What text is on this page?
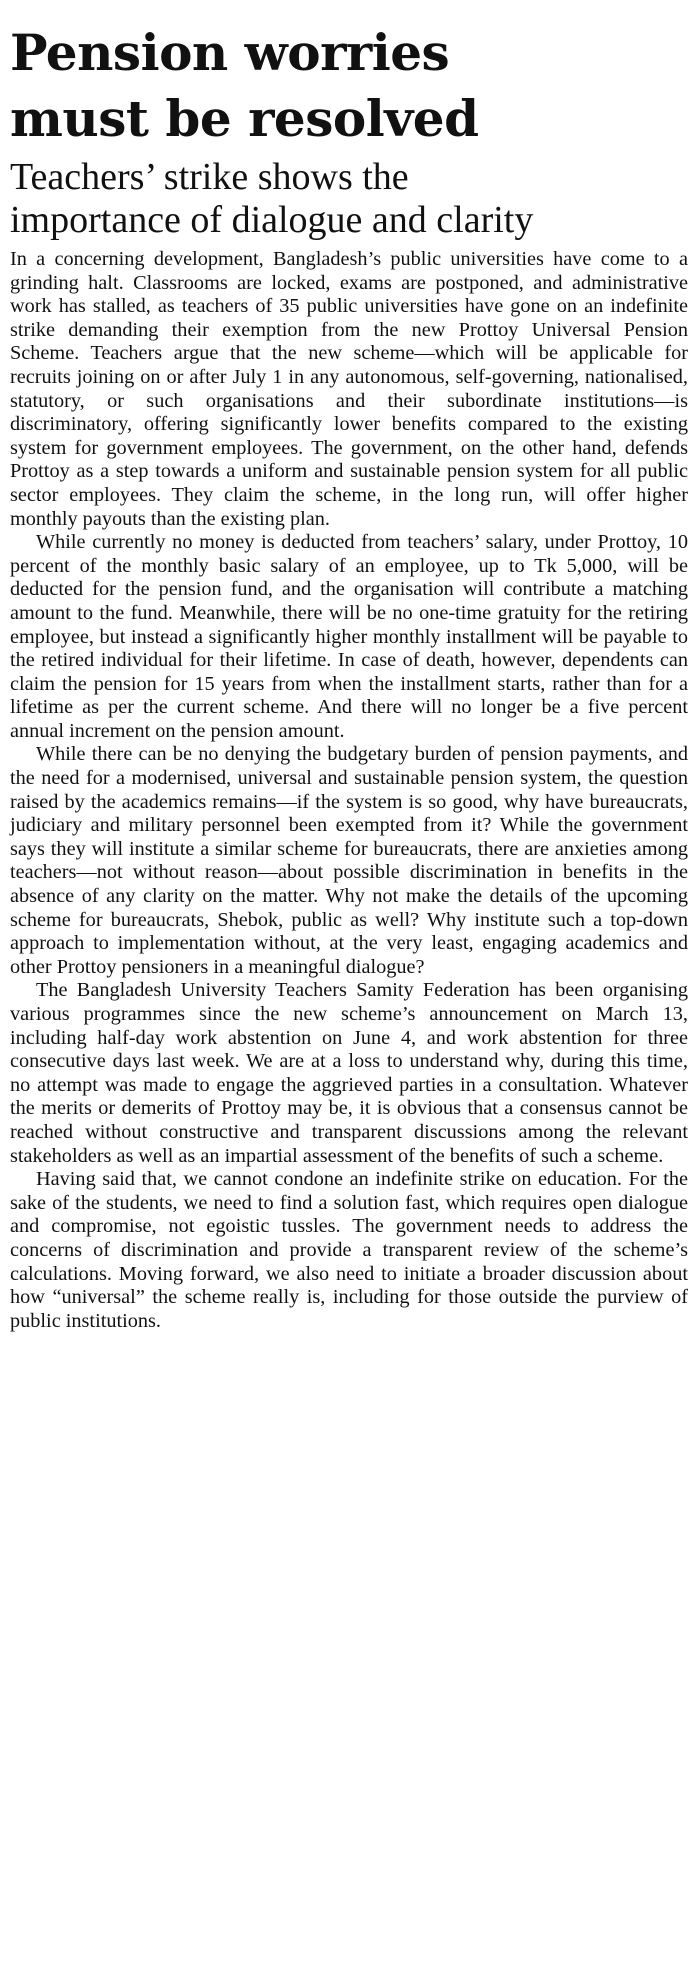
Pension worries
must be resolved
Teachers’ strike shows the
importance of dialogue and clarity

In a concerning development, Bangladesh’s public universities have come to a grinding halt. Classrooms are locked, exams are postponed, and administrative work has stalled, as teachers of 35 public universities have gone on an indefinite strike demanding their exemption from the new Prottoy Universal Pension Scheme. Teachers argue that the new scheme—which will be applicable for recruits joining on or after July 1 in any autonomous, self-governing, nationalised, statutory, or such organisations and their subordinate institutions—is discriminatory, offering significantly lower benefits compared to the existing system for government employees. The government, on the other hand, defends Prottoy as a step towards a uniform and sustainable pension system for all public sector employees. They claim the scheme, in the long run, will offer higher monthly payouts than the existing plan.

While currently no money is deducted from teachers’ salary, under Prottoy, 10 percent of the monthly basic salary of an employee, up to Tk 5,000, will be deducted for the pension fund, and the organisation will contribute a matching amount to the fund. Meanwhile, there will be no one-time gratuity for the retiring employee, but instead a significantly higher monthly installment will be payable to the retired individual for their lifetime. In case of death, however, dependents can claim the pension for 15 years from when the installment starts, rather than for a lifetime as per the current scheme. And there will no longer be a five percent annual increment on the pension amount.

While there can be no denying the budgetary burden of pension payments, and the need for a modernised, universal and sustainable pension system, the question raised by the academics remains—if the system is so good, why have bureaucrats, judiciary and military personnel been exempted from it? While the government says they will institute a similar scheme for bureaucrats, there are anxieties among teachers—not without reason—about possible discrimination in benefits in the absence of any clarity on the matter. Why not make the details of the upcoming scheme for bureaucrats, Shebok, public as well? Why institute such a top-down approach to implementation without, at the very least, engaging academics and other Prottoy pensioners in a meaningful dialogue?

The Bangladesh University Teachers Samity Federation has been organising various programmes since the new scheme’s announcement on March 13, including half-day work abstention on June 4, and work abstention for three consecutive days last week. We are at a loss to understand why, during this time, no attempt was made to engage the aggrieved parties in a consultation. Whatever the merits or demerits of Prottoy may be, it is obvious that a consensus cannot be reached without constructive and transparent discussions among the relevant stakeholders as well as an impartial assessment of the benefits of such a scheme.

Having said that, we cannot condone an indefinite strike on education. For the sake of the students, we need to find a solution fast, which requires open dialogue and compromise, not egoistic tussles. The government needs to address the concerns of discrimination and provide a transparent review of the scheme’s calculations. Moving forward, we also need to initiate a broader discussion about how “universal” the scheme really is, including for those outside the purview of public institutions.
